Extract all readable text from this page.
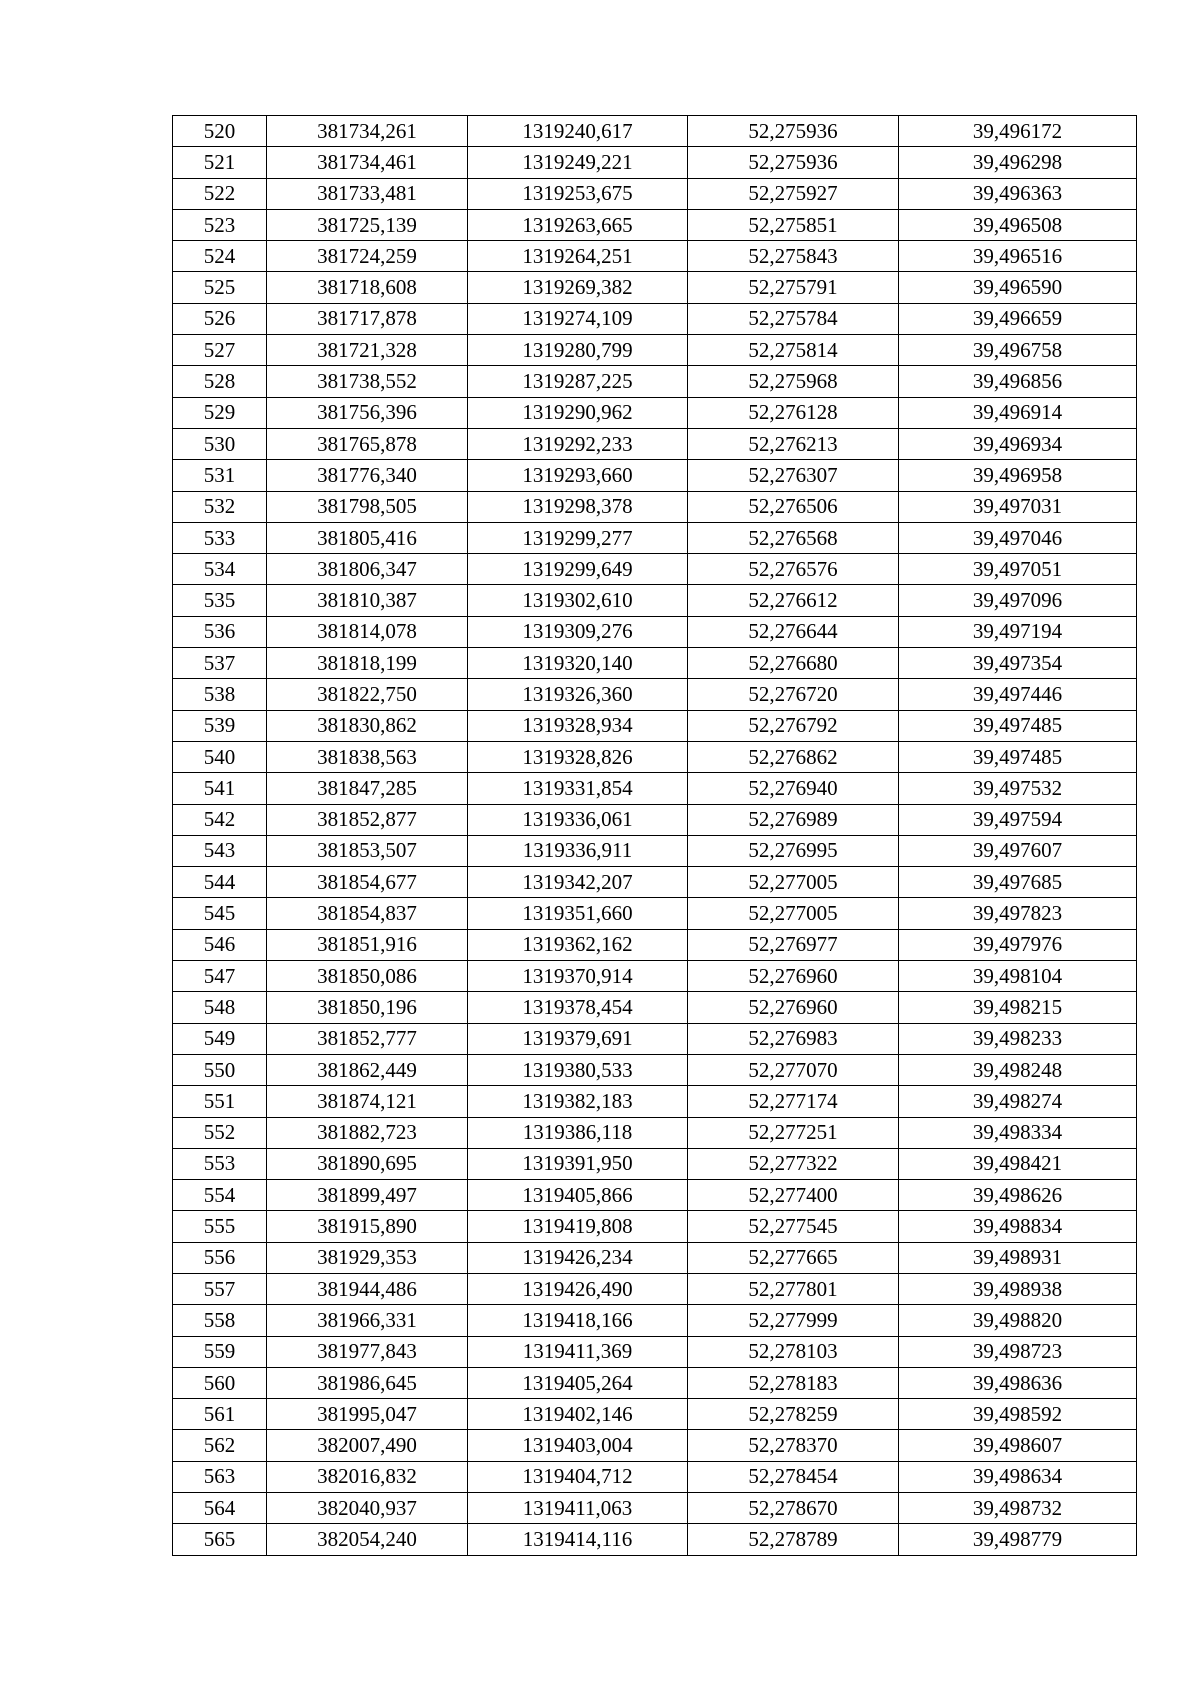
520	381734,261	1319240,617	52,275936	39,496172
521	381734,461	1319249,221	52,275936	39,496298
522	381733,481	1319253,675	52,275927	39,496363
523	381725,139	1319263,665	52,275851	39,496508
524	381724,259	1319264,251	52,275843	39,496516
525	381718,608	1319269,382	52,275791	39,496590
526	381717,878	1319274,109	52,275784	39,496659
527	381721,328	1319280,799	52,275814	39,496758
528	381738,552	1319287,225	52,275968	39,496856
529	381756,396	1319290,962	52,276128	39,496914
530	381765,878	1319292,233	52,276213	39,496934
531	381776,340	1319293,660	52,276307	39,496958
532	381798,505	1319298,378	52,276506	39,497031
533	381805,416	1319299,277	52,276568	39,497046
534	381806,347	1319299,649	52,276576	39,497051
535	381810,387	1319302,610	52,276612	39,497096
536	381814,078	1319309,276	52,276644	39,497194
537	381818,199	1319320,140	52,276680	39,497354
538	381822,750	1319326,360	52,276720	39,497446
539	381830,862	1319328,934	52,276792	39,497485
540	381838,563	1319328,826	52,276862	39,497485
541	381847,285	1319331,854	52,276940	39,497532
542	381852,877	1319336,061	52,276989	39,497594
543	381853,507	1319336,911	52,276995	39,497607
544	381854,677	1319342,207	52,277005	39,497685
545	381854,837	1319351,660	52,277005	39,497823
546	381851,916	1319362,162	52,276977	39,497976
547	381850,086	1319370,914	52,276960	39,498104
548	381850,196	1319378,454	52,276960	39,498215
549	381852,777	1319379,691	52,276983	39,498233
550	381862,449	1319380,533	52,277070	39,498248
551	381874,121	1319382,183	52,277174	39,498274
552	381882,723	1319386,118	52,277251	39,498334
553	381890,695	1319391,950	52,277322	39,498421
554	381899,497	1319405,866	52,277400	39,498626
555	381915,890	1319419,808	52,277545	39,498834
556	381929,353	1319426,234	52,277665	39,498931
557	381944,486	1319426,490	52,277801	39,498938
558	381966,331	1319418,166	52,277999	39,498820
559	381977,843	1319411,369	52,278103	39,498723
560	381986,645	1319405,264	52,278183	39,498636
561	381995,047	1319402,146	52,278259	39,498592
562	382007,490	1319403,004	52,278370	39,498607
563	382016,832	1319404,712	52,278454	39,498634
564	382040,937	1319411,063	52,278670	39,498732
565	382054,240	1319414,116	52,278789	39,498779
